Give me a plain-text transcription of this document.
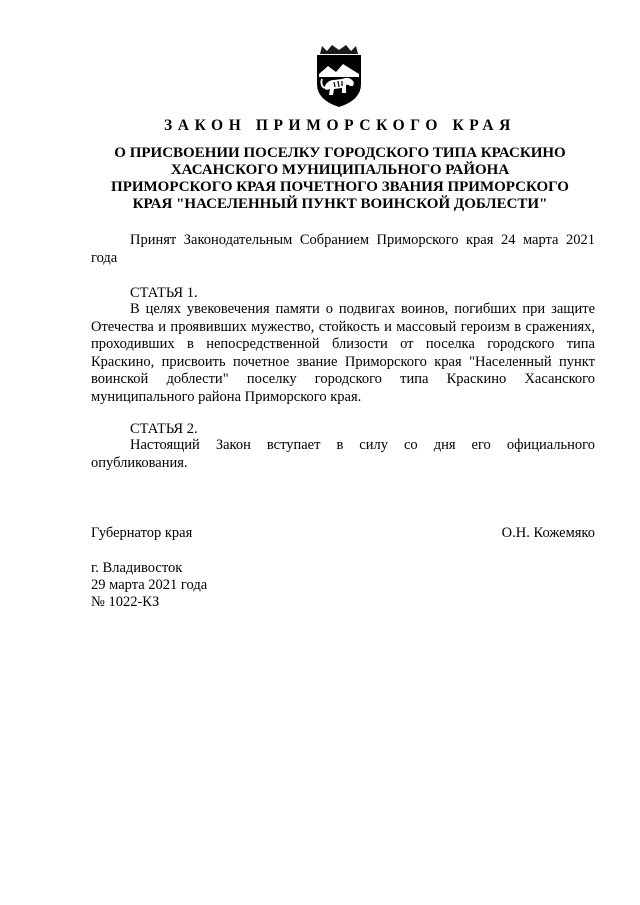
ЗАКОН ПРИМОРСКОГО КРАЯ
О ПРИСВОЕНИИ ПОСЕЛКУ ГОРОДСКОГО ТИПА КРАСКИНО
ХАСАНСКОГО МУНИЦИПАЛЬНОГО РАЙОНА
ПРИМОРСКОГО КРАЯ ПОЧЕТНОГО ЗВАНИЯ ПРИМОРСКОГО
КРАЯ "НАСЕЛЕННЫЙ ПУНКТ ВОИНСКОЙ ДОБЛЕСТИ"

Принят Законодательным Собранием Приморского края 24 марта 2021 года

СТАТЬЯ 1.

В целях увековечения памяти о подвигах воинов, погибших при защите Отечества и проявивших мужество, стойкость и массовый героизм в сражениях, проходивших в непосредственной близости от поселка городского типа Краскино, присвоить почетное звание Приморского края "Населенный пункт воинской доблести" поселку городского типа Краскино Хасанского муниципального района Приморского края.

СТАТЬЯ 2.

Настоящий Закон вступает в силу со дня его официального опубликования.

Губернатор края	О.Н. Кожемяко
г. Владивосток
29 марта 2021 года
№ 1022-КЗ
